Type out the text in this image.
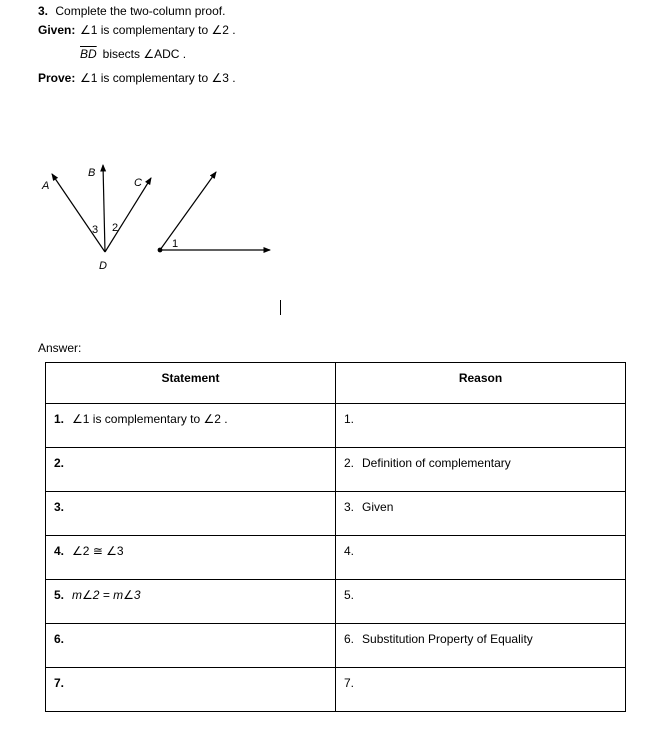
3. Complete the two-column proof.
Given: ∠1 is complementary to ∠2 .
$\overline{BD}$ bisects ∠ADC .
Prove: ∠1 is complementary to ∠3 .
A
B
C
D
3 2
1
Answer:
Statement	Reason
1. ∠1 is complementary to ∠2 .	1.
2.	2. Definition of complementary
3.	3. Given
4. ∠2 ≅ ∠3	4.
5. m∠2 = m∠3	5.
6.	6. Substitution Property of Equality
7.	7.
